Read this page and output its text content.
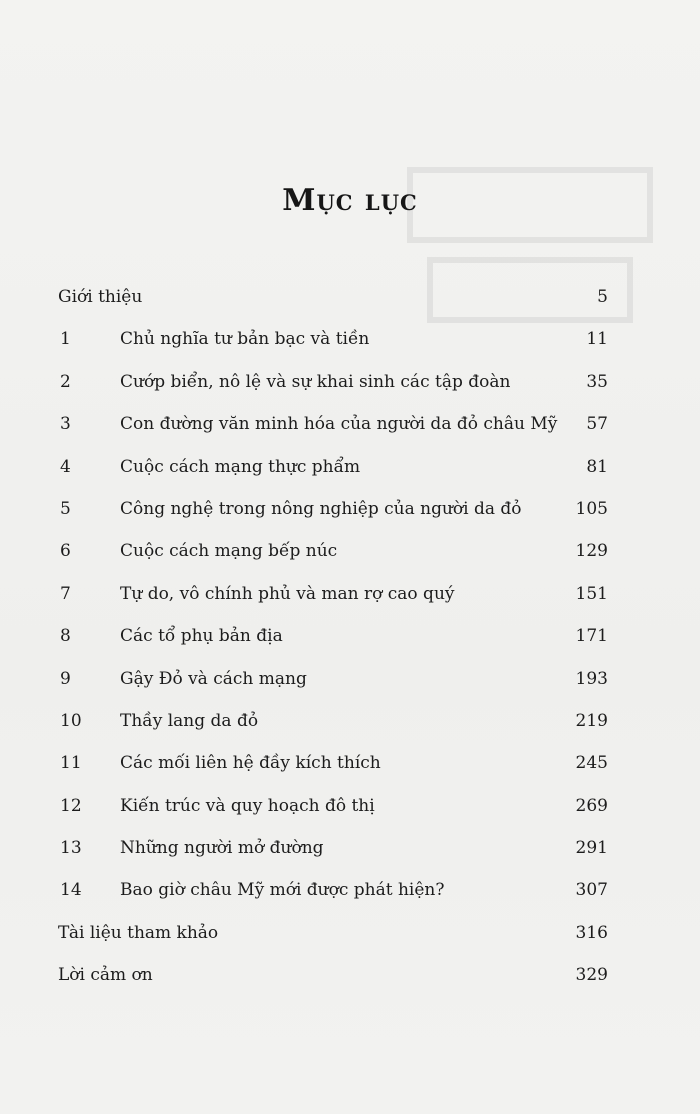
Mục lục
Giới thiệu	5
1	Chủ nghĩa tư bản bạc và tiền	11
2	Cướp biển, nô lệ và sự khai sinh các tập đoàn	35
3	Con đường văn minh hóa của người da đỏ châu Mỹ 57
4	Cuộc cách mạng thực phẩm	81
5	Công nghệ trong nông nghiệp của người da đỏ	105
6	Cuộc cách mạng bếp núc	129
7	Tự do, vô chính phủ và man rợ cao quý	151
8	Các tổ phụ bản địa	171
9	Gậy Đỏ và cách mạng	193
10 Thầy lang da đỏ	219
11 Các mối liên hệ đầy kích thích	245
12 Kiến trúc và quy hoạch đô thị	269
13 Những người mở đường	291
14 Bao giờ châu Mỹ mới được phát hiện?	307
Tài liệu tham khảo	316
Lời cảm ơn	329
